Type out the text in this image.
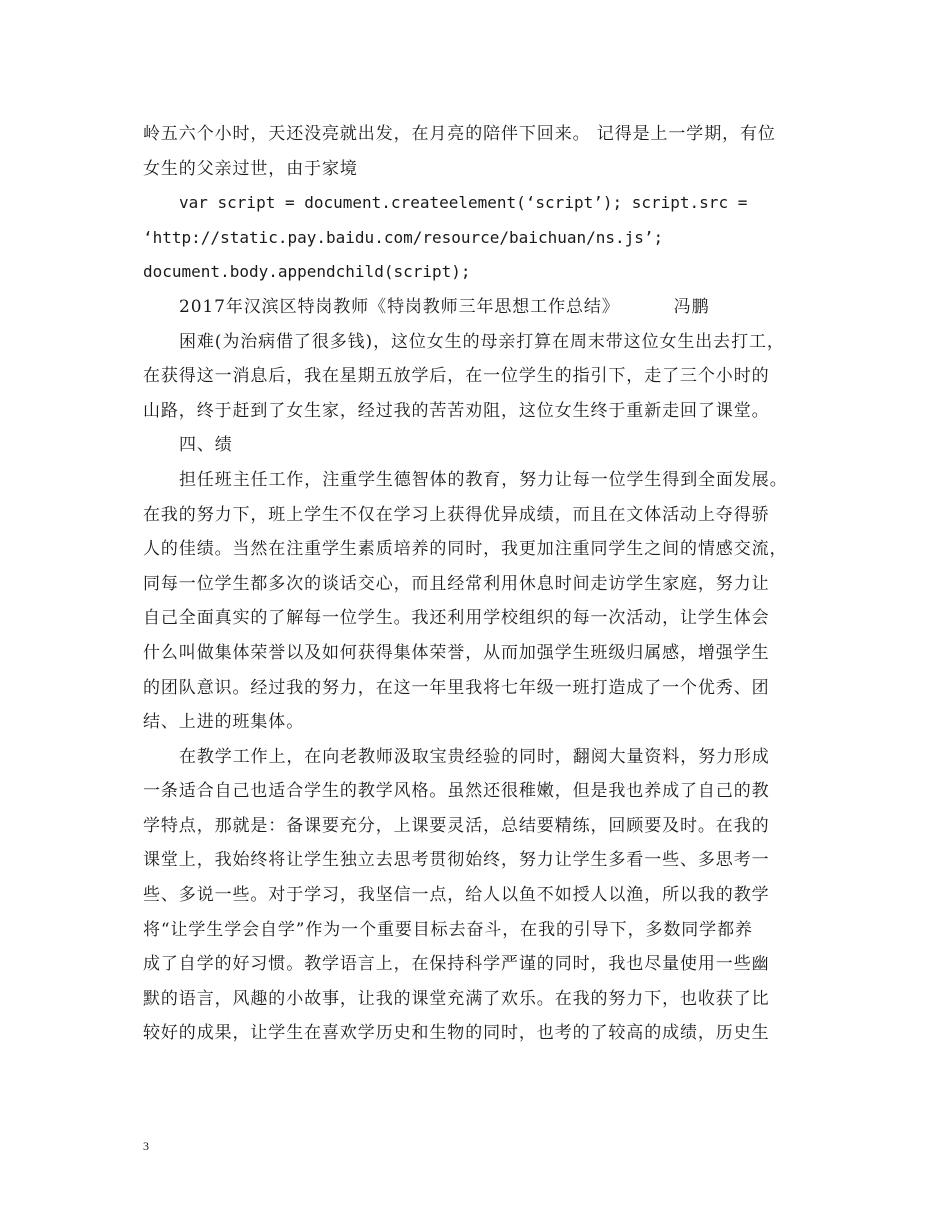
岭五六个小时，天还没亮就出发，在月亮的陪伴下回来。 记得是上一学期，有位
女生的父亲过世，由于家境
var script = document.createelement(‘script’); script.src =
‘http://static.pay.baidu.com/resource/baichuan/ns.js’;
document.body.appendchild(script);
2017年汉滨区特岗教师《特岗教师三年思想工作总结》	冯鹏
困难(为治病借了很多钱)，这位女生的母亲打算在周末带这位女生出去打工，
在获得这一消息后，我在星期五放学后，在一位学生的指引下，走了三个小时的
山路，终于赶到了女生家，经过我的苦苦劝阻，这位女生终于重新走回了课堂。
四、绩
担任班主任工作，注重学生德智体的教育，努力让每一位学生得到全面发展。
在我的努力下，班上学生不仅在学习上获得优异成绩，而且在文体活动上夺得骄
人的佳绩。当然在注重学生素质培养的同时，我更加注重同学生之间的情感交流，
同每一位学生都多次的谈话交心，而且经常利用休息时间走访学生家庭，努力让
自己全面真实的了解每一位学生。我还利用学校组织的每一次活动，让学生体会
什么叫做集体荣誉以及如何获得集体荣誉，从而加强学生班级归属感，增强学生
的团队意识。经过我的努力，在这一年里我将七年级一班打造成了一个优秀、团
结、上进的班集体。
在教学工作上，在向老教师汲取宝贵经验的同时，翻阅大量资料，努力形成
一条适合自己也适合学生的教学风格。虽然还很稚嫩，但是我也养成了自己的教
学特点，那就是：备课要充分，上课要灵活，总结要精练，回顾要及时。在我的
课堂上，我始终将让学生独立去思考贯彻始终，努力让学生多看一些、多思考一
些、多说一些。对于学习，我坚信一点，给人以鱼不如授人以渔，所以我的教学
将“让学生学会自学”作为一个重要目标去奋斗，在我的引导下，多数同学都养
成了自学的好习惯。教学语言上，在保持科学严谨的同时，我也尽量使用一些幽
默的语言，风趣的小故事，让我的课堂充满了欢乐。在我的努力下，也收获了比
较好的成果，让学生在喜欢学历史和生物的同时，也考的了较高的成绩，历史生
3
